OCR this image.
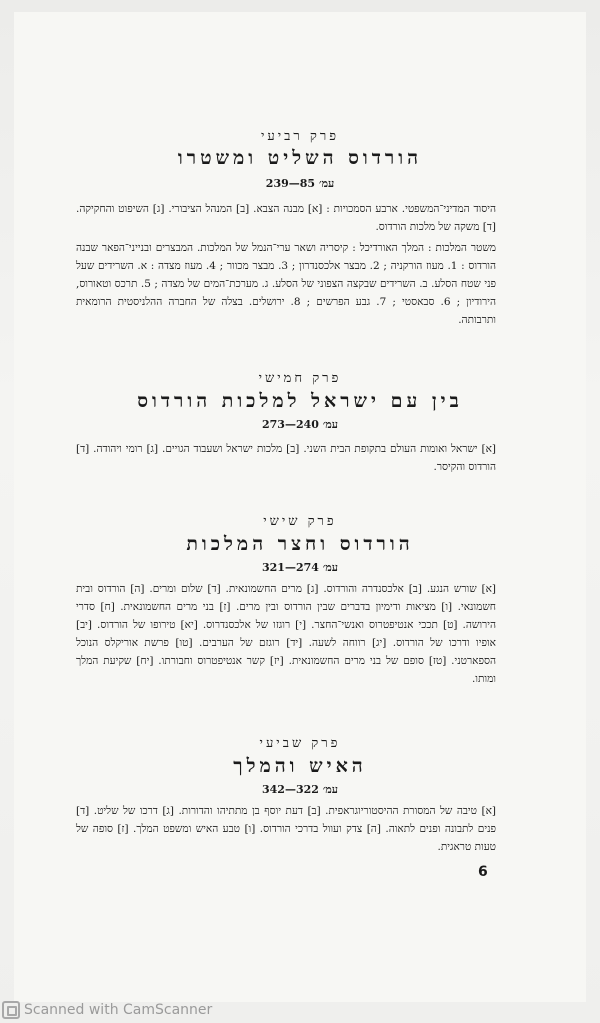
פרק רביעי
הורדוס השליט ומשטרו
עמ׳ 85—239
היסוד המדיני־המשפטי. ארבע הסמכויות : [א] מבנה הצבא. [ב] המנהל הציבורי. [ג] השיפוט והחקיקה. [ד] משקה של מלכות הורדוס.
משטר המלכות : המלך האורדיכל : קיסריה ושאר ערי־הנמל של המלכות. המבצרים ובנייני־הפאר שבנה הורדוס : 1. מעוז הורקניה ; 2. מבצר אלכסנדרון ; 3. מבצר מכוור ; 4. מעוז מצדה : א. השרידים שעל פני שטח הסלע. ב. השרידים שבקצה הצפוני של הסלע. ג. מערכת־המים של מצדה ; 5. תרכס וטאורוס, הירודיון ; 6. סבאסטי ; 7. גבע הפרשים ; 8. ירושלים. בצלה של החברה ההלניסטית הרומאית ותרבותה.
פרק חמישי
בין עם ישראל למלכות הורדוס
עמ׳ 240—273
[א] ישראל ואומות העולם בתקופת הבית השני. [ב] מלכות ישראל ושעבוד הגויים. [ג] רומי ויהודה. [ד] הורדוס והקיסר.
פרק שישי
הורדוס וחצר המלכות
עמ׳ 274—321
[א] שורש הנגע. [ב] אלכסנדרה והורדוס. [ג] מרים החשמונאית. [ד] שלום ומרים. [ה] הורדוס ובית חשמונאי. [ו] מציאות ודימיון בדברים שבין הורדוס ובין מרים. [ז] בני מרים החשמונאית. [ח] סדרי הירושה. [ט] תככי אנטיפטרוס ואנשי־החצר. [י] רוגזו של אלכסנדרוס. [יא] טירופו של הורדוס. [יב] אופיו ודרכו של הורדוס. [יג] רווחה לשעה. [יד] רוגזם של הערבים. [טו] פרשת אוריקלס הנוכל הספארטני. [טז] סופם של בני מרים החשמונאית. [יז] קשר אנטיפטרוס וחבורתו. [יח] שקיעת המלך ומותו.
פרק שביעי
האיש והמלך
עמ׳ 322—342
[א] טיבה של המסורת ההיסטוריוגראפית. [ב] דעת יוסף בן מתתיהו והדורות. [ג] דרכו של שליט. [ד] פנים לתבונה ופנים לתאוה. [ה] צדק ועוול בדרכי הורדוס. [ו] טבע האיש ומשפט המלך. [ז] סופה של טעות טראגית.
6
Scanned with CamScanner
